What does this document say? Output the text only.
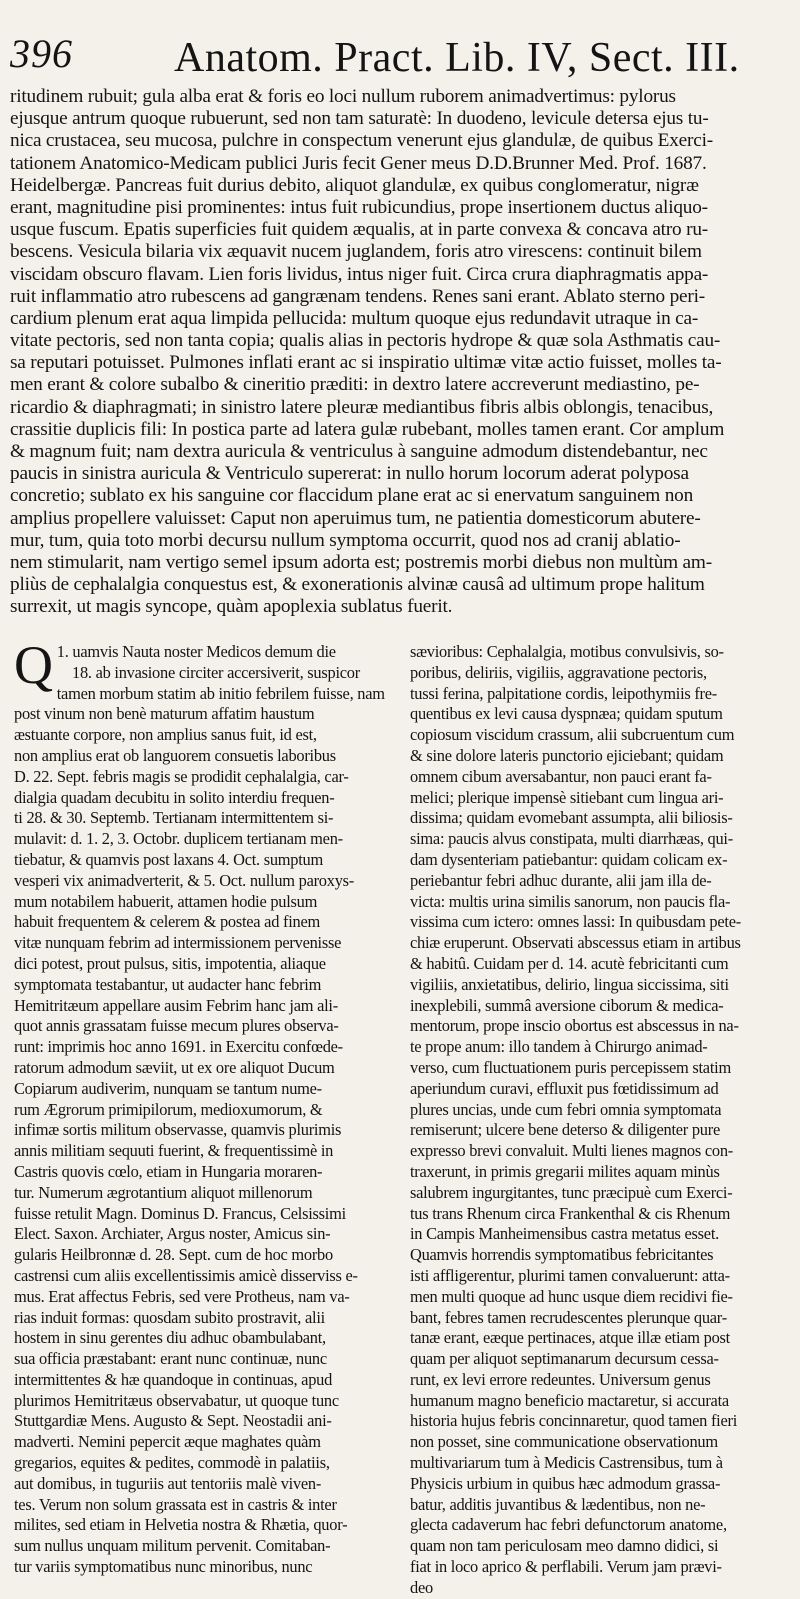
396 Anatom. Pract. Lib. IV, Sect. III.
ritudinem rubuit; gula alba erat & foris eo loci nullum ruborem animadvertimus: pylorus
ejusque antrum quoque rubuerunt, sed non tam saturatè: In duodeno, levicule detersa ejus tu-
nica crustacea, seu mucosa, pulchre in conspectum venerunt ejus glandulæ, de quibus Exerci-
tationem Anatomico-Medicam publici Juris fecit Gener meus D.D.Brunner Med. Prof. 1687.
Heidelbergæ. Pancreas fuit durius debito, aliquot glandulæ, ex quibus conglomeratur, nigræ
erant, magnitudine pisi prominentes: intus fuit rubicundius, prope insertionem ductus aliquo-
usque fuscum. Epatis superficies fuit quidem æqualis, at in parte convexa & concava atro ru-
bescens. Vesicula bilaria vix æquavit nucem juglandem, foris atro virescens: continuit bilem
viscidam obscuro flavam. Lien foris lividus, intus niger fuit. Circa crura diaphragmatis appa-
ruit inflammatio atro rubescens ad gangrænam tendens. Renes sani erant. Ablato sterno peri-
cardium plenum erat aqua limpida pellucida: multum quoque ejus redundavit utraque in ca-
vitate pectoris, sed non tanta copia; qualis alias in pectoris hydrope & quæ sola Asthmatis cau-
sa reputari potuisset. Pulmones inflati erant ac si inspiratio ultimæ vitæ actio fuisset, molles ta-
men erant & colore subalbo & cineritio præditi: in dextro latere accreverunt mediastino, pe-
ricardio & diaphragmati; in sinistro latere pleuræ mediantibus fibris albis oblongis, tenacibus,
crassitie duplicis fili: In postica parte ad latera gulæ rubebant, molles tamen erant. Cor amplum
& magnum fuit; nam dextra auricula & ventriculus à sanguine admodum distendebantur, nec
paucis in sinistra auricula & Ventriculo supererat: in nullo horum locorum aderat polyposa
concretio; sublato ex his sanguine cor flaccidum plane erat ac si enervatum sanguinem non
amplius propellere valuisset: Caput non aperuimus tum, ne patientia domesticorum abutere-
mur, tum, quia toto morbi decursu nullum symptoma occurrit, quod nos ad cranij ablatio-
nem stimularit, nam vertigo semel ipsum adorta est; postremis morbi diebus non multùm am-
pliùs de cephalalgia conquestus est, & exonerationis alvinæ causâ ad ultimum prope halitum
surrexit, ut magis syncope, quàm apoplexia sublatus fuerit.
1.
Q uamvis Nauta noster Medicos demum die
18. ab invasione circiter accersiverit, suspicor
tamen morbum statim ab initio febrilem fuisse, nam
post vinum non benè maturum affatim haustum
æstuante corpore, non amplius sanus fuit, id est,
non amplius erat ob languorem consuetis laboribus
D. 22. Sept. febris magis se prodidit cephalalgia, car-
dialgia quadam decubitu in solito interdiu frequen-
ti 28. & 30. Septemb. Tertianam intermittentem si-
mulavit: d. 1. 2, 3. Octobr. duplicem tertianam men-
tiebatur, & quamvis post laxans 4. Oct. sumptum
vesperi vix animadverterit, & 5. Oct. nullum paroxys-
mum notabilem habuerit, attamen hodie pulsum
habuit frequentem & celerem & postea ad finem
vitæ nunquam febrim ad intermissionem pervenisse
dici potest, prout pulsus, sitis, impotentia, aliaque
symptomata testabantur, ut audacter hanc febrim
Hemitritæum appellare ausim Febrim hanc jam ali-
quot annis grassatam fuisse mecum plures observa-
runt: imprimis hoc anno 1691. in Exercitu confœde-
ratorum admodum sæviit, ut ex ore aliquot Ducum
Copiarum audiverim, nunquam se tantum nume-
rum Ægrorum primipilorum, medioxumorum, &
infimæ sortis militum observasse, quamvis plurimis
annis militiam sequuti fuerint, & frequentissimè in
Castris quovis cœlo, etiam in Hungaria moraren-
tur. Numerum ægrotantium aliquot millenorum
fuisse retulit Magn. Dominus D. Francus, Celsissimi
Elect. Saxon. Archiater, Argus noster, Amicus sin-
gularis Heilbronnæ d. 28. Sept. cum de hoc morbo
castrensi cum aliis excellentissimis amicè disserviss e-
mus. Erat affectus Febris, sed vere Protheus, nam va-
rias induit formas: quosdam subito prostravit, alii
hostem in sinu gerentes diu adhuc obambulabant,
sua officia præstabant: erant nunc continuæ, nunc
intermittentes & hæ quandoque in continuas, apud
plurimos Hemitritæus observabatur, ut quoque tunc
Stuttgardiæ Mens. Augusto & Sept. Neostadii ani-
madverti. Nemini pepercit æque maghates quàm
gregarios, equites & pedites, commodè in palatiis,
aut domibus, in tuguriis aut tentoriis malè viven-
tes. Verum non solum grassata est in castris & inter
milites, sed etiam in Helvetia nostra & Rhætia, quor-
sum nullus unquam militum pervenit. Comitaban-
tur variis symptomatibus nunc minoribus, nunc
sævioribus: Cephalalgia, motibus convulsivis, so-
poribus, deliriis, vigiliis, aggravatione pectoris,
tussi ferina, palpitatione cordis, leipothymiis fre-
quentibus ex levi causa dyspnæa; quidam sputum
copiosum viscidum crassum, alii subcruentum cum
& sine dolore lateris punctorio ejiciebant; quidam
omnem cibum aversabantur, non pauci erant fa-
melici; plerique impensè sitiebant cum lingua ari-
dissima; quidam evomebant assumpta, alii biliosis-
sima: paucis alvus constipata, multi diarrhæas, qui-
dam dysenteriam patiebantur: quidam colicam ex-
periebantur febri adhuc durante, alii jam illa de-
victa: multis urina similis sanorum, non paucis fla-
vissima cum ictero: omnes lassi: In quibusdam pete-
chiæ eruperunt. Observati abscessus etiam in artibus
& habitû. Cuidam per d. 14. acutè febricitanti cum
vigiliis, anxietatibus, delirio, lingua siccissima, siti
inexplebili, summâ aversione ciborum & medica-
mentorum, prope inscio obortus est abscessus in na-
te prope anum: illo tandem à Chirurgo animad-
verso, cum fluctuationem puris percepissem statim
aperiundum curavi, effluxit pus fœtidissimum ad
plures uncias, unde cum febri omnia symptomata
remiserunt; ulcere bene deterso & diligenter pure
expresso brevi convaluit. Multi lienes magnos con-
traxerunt, in primis gregarii milites aquam minùs
salubrem ingurgitantes, tunc præcipuè cum Exerci-
tus trans Rhenum circa Frankenthal & cis Rhenum
in Campis Manheimensibus castra metatus esset.
Quamvis horrendis symptomatibus febricitantes
isti affligerentur, plurimi tamen convaluerunt: atta-
men multi quoque ad hunc usque diem recidivi fie-
bant, febres tamen recrudescentes plerunque quar-
tanæ erant, eæque pertinaces, atque illæ etiam post
quam per aliquot septimanarum decursum cessa-
runt, ex levi errore redeuntes. Universum genus
humanum magno beneficio mactaretur, si accurata
historia hujus febris concinnaretur, quod tamen fieri
non posset, sine communicatione observationum
multivariarum tum à Medicis Castrensibus, tum à
Physicis urbium in quibus hæc admodum grassa-
batur, additis juvantibus & lædentibus, non ne-
glecta cadaverum hac febri defunctorum anatome,
quam non tam periculosam meo damno didici, si
fiat in loco aprico & perflabili. Verum jam prævi-
deo
